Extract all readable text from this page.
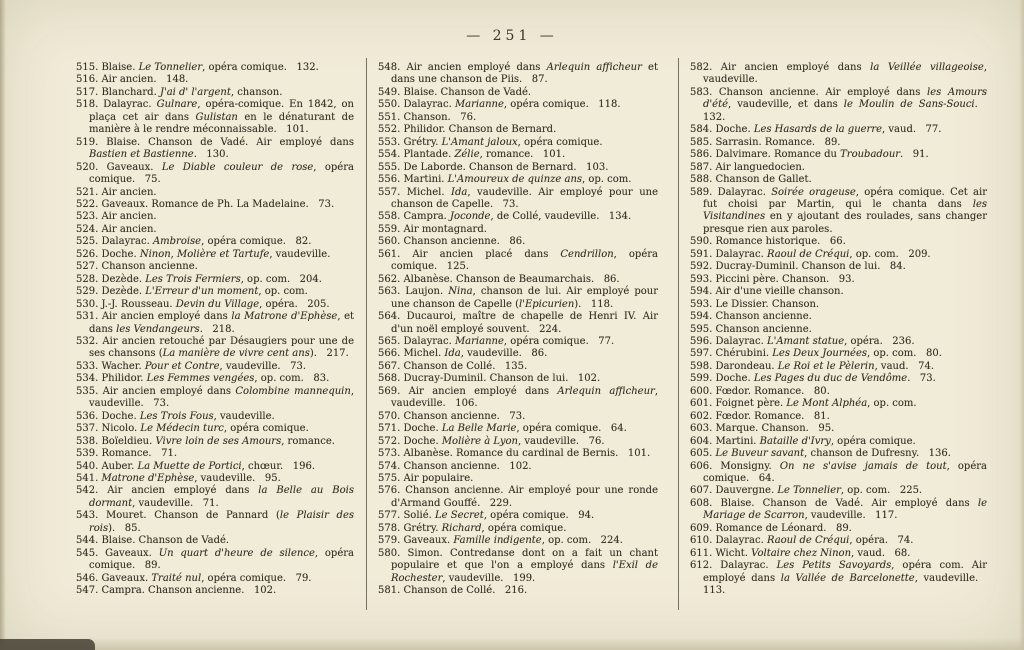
— 251 —
515. Blaise. Le Tonnelier, opéra comique.   132.
516. Air ancien.   148.
517. Blanchard. J'ai d' l'argent, chanson.
518. Dalayrac. Gulnare, opéra-comique. En 1842, on plaça cet air dans Gulistan en le dénaturant de manière à le rendre méconnaissable.   101.
519. Blaise. Chanson de Vadé. Air employé dans Bastien et Bastienne.   130.
520. Gaveaux. Le Diable couleur de rose, opéra comique.   75.
521. Air ancien.
522. Gaveaux. Romance de Ph. La Madelaine.   73.
523. Air ancien.
524. Air ancien.
525. Dalayrac. Ambroise, opéra comique.   82.
526. Doche. Ninon, Molière et Tartufe, vaudeville.
527. Chanson ancienne.
528. Dezède. Les Trois Fermiers, op. com.   204.
529. Dezède. L'Erreur d'un moment, op. com.
530. J.-J. Rousseau. Devin du Village, opéra.   205.
531. Air ancien employé dans la Matrone d'Ephèse, et dans les Vendangeurs.   218.
532. Air ancien retouché par Désaugiers pour une de ses chansons (La manière de vivre cent ans).   217.
533. Wacher. Pour et Contre, vaudeville.   73.
534. Philidor. Les Femmes vengées, op. com.   83.
535. Air ancien employé dans Colombine mannequin, vaudeville.   73.
536. Doche. Les Trois Fous, vaudeville.
537. Nicolo. Le Médecin turc, opéra comique.
538. Boïeldieu. Vivre loin de ses Amours, romance.
539. Romance.   71.
540. Auber. La Muette de Portici, chœur.   196.
541. Matrone d'Ephèse, vaudeville.   95.
542. Air ancien employé dans la Belle au Bois dormant, vaudeville.   71.
543. Mouret. Chanson de Pannard (le Plaisir des rois).   85.
544. Blaise. Chanson de Vadé.
545. Gaveaux. Un quart d'heure de silence, opéra comique.   89.
546. Gaveaux. Traité nul, opéra comique.   79.
547. Campra. Chanson ancienne.   102.
548. Air ancien employé dans Arlequin afficheur et dans une chanson de Piis.   87.
549. Blaise. Chanson de Vadé.
550. Dalayrac. Marianne, opéra comique.   118.
551. Chanson.   76.
552. Philidor. Chanson de Bernard.
553. Grétry. L'Amant jaloux, opéra comique.
554. Plantade. Zélie, romance.   101.
555. De Laborde. Chanson de Bernard.   103.
556. Martini. L'Amoureux de quinze ans, op. com.
557. Michel. Ida, vaudeville. Air employé pour une chanson de Capelle.   73.
558. Campra. Joconde, de Collé, vaudeville.   134.
559. Air montagnard.
560. Chanson ancienne.   86.
561. Air ancien placé dans Cendrillon, opéra comique.   125.
562. Albanèse. Chanson de Beaumarchais.   86.
563. Laujon. Nina, chanson de lui. Air employé pour une chanson de Capelle (l'Epicurien).   118.
564. Ducauroi, maître de chapelle de Henri IV. Air d'un noël employé souvent.   224.
565. Dalayrac. Marianne, opéra comique.   77.
566. Michel. Ida, vaudeville.   86.
567. Chanson de Collé.   135.
568. Ducray-Duminil. Chanson de lui.   102.
569. Air ancien employé dans Arlequin afficheur, vaudeville.   106.
570. Chanson ancienne.   73.
571. Doche. La Belle Marie, opéra comique.   64.
572. Doche. Molière à Lyon, vaudeville.   76.
573. Albanèse. Romance du cardinal de Bernis.   101.
574. Chanson ancienne.   102.
575. Air populaire.
576. Chanson ancienne. Air employé pour une ronde d'Armand Gouffé.   229.
577. Solié. Le Secret, opéra comique.   94.
578. Grétry. Richard, opéra comique.
579. Gaveaux. Famille indigente, op. com.   224.
580. Simon. Contredanse dont on a fait un chant populaire et que l'on a employé dans l'Exil de Rochester, vaudeville.   199.
581. Chanson de Collé.   216.
582. Air ancien employé dans la Veillée villageoise, vaudeville.
583. Chanson ancienne. Air employé dans les Amours d'été, vaudeville, et dans le Moulin de Sans-Souci.   132.
584. Doche. Les Hasards de la guerre, vaud.   77.
585. Sarrasin. Romance.   89.
586. Dalvimare. Romance du Troubadour.   91.
587. Air languedocien.
588. Chanson de Gallet.
589. Dalayrac. Soirée orageuse, opéra comique. Cet air fut choisi par Martin, qui le chanta dans les Visitandines en y ajoutant des roulades, sans changer presque rien aux paroles.
590. Romance historique.   66.
591. Dalayrac. Raoul de Créqui, op. com.   209.
592. Ducray-Duminil. Chanson de lui.   84.
593. Piccini père. Chanson.   93.
594. Air d'une vieille chanson.
593. Le Dissier. Chanson.
594. Chanson ancienne.
595. Chanson ancienne.
596. Dalayrac. L'Amant statue, opéra.   236.
597. Chérubini. Les Deux Journées, op. com.   80.
598. Darondeau. Le Roi et le Pèlerin, vaud.   74.
599. Doche. Les Pages du duc de Vendôme.   73.
600. Fœdor. Romance.   80.
601. Foignet père. Le Mont Alphéa, op. com.
602. Fœdor. Romance.   81.
603. Marque. Chanson.   95.
604. Martini. Bataille d'Ivry, opéra comique.
605. Le Buveur savant, chanson de Dufresny.   136.
606. Monsigny. On ne s'avise jamais de tout, opéra comique.   64.
607. Dauvergne. Le Tonnelier, op. com.   225.
608. Blaise. Chanson de Vadé. Air employé dans le Mariage de Scarron, vaudeville.   117.
609. Romance de Léonard.   89.
610. Dalayrac. Raoul de Créqui, opéra.   74.
611. Wicht. Voltaire chez Ninon, vaud.   68.
612. Dalayrac. Les Petits Savoyards, opéra com. Air employé dans la Vallée de Barcelonette, vaudeville.   113.
